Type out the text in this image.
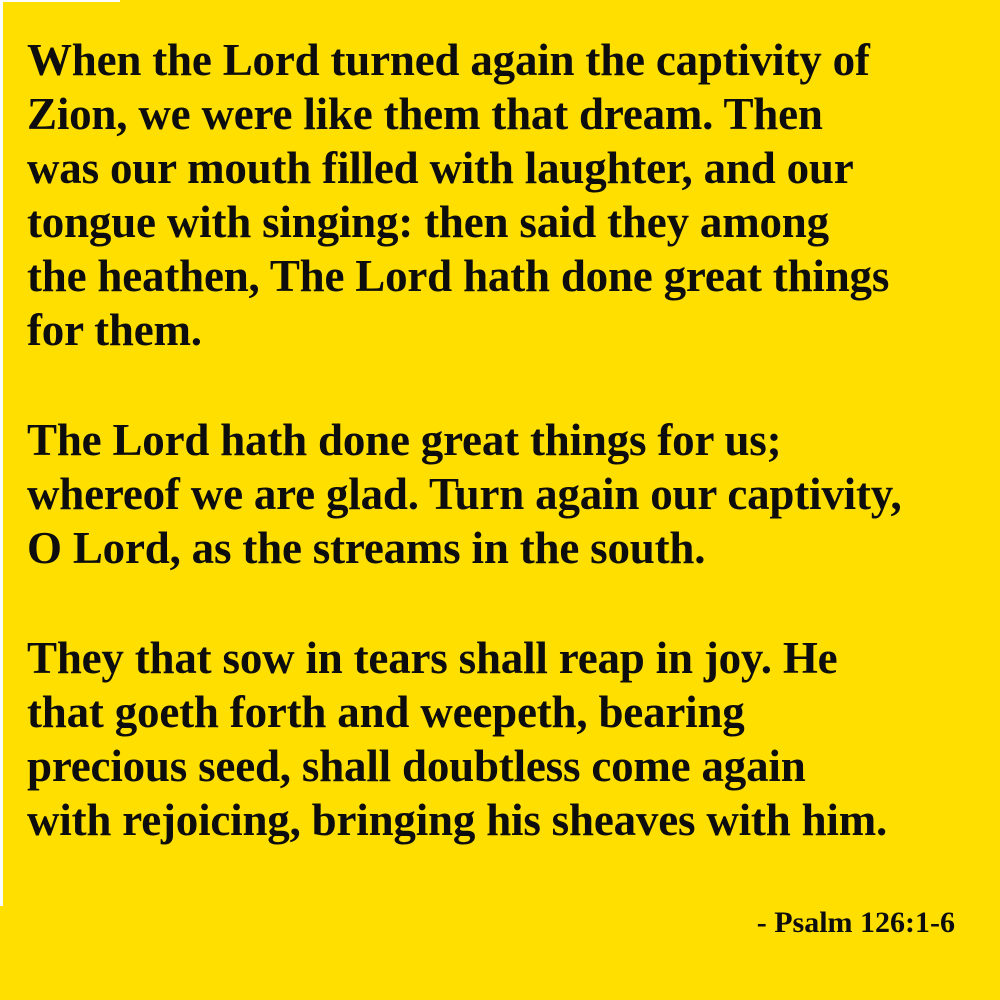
When the Lord turned again the captivity of
Zion, we were like them that dream. Then
was our mouth filled with laughter, and our
tongue with singing: then said they among
the heathen, The Lord hath done great things
for them.
The Lord hath done great things for us;
whereof we are glad. Turn again our captivity,
O Lord, as the streams in the south.
They that sow in tears shall reap in joy. He
that goeth forth and weepeth, bearing
precious seed, shall doubtless come again
with rejoicing, bringing his sheaves with him.
- Psalm 126:1-6
